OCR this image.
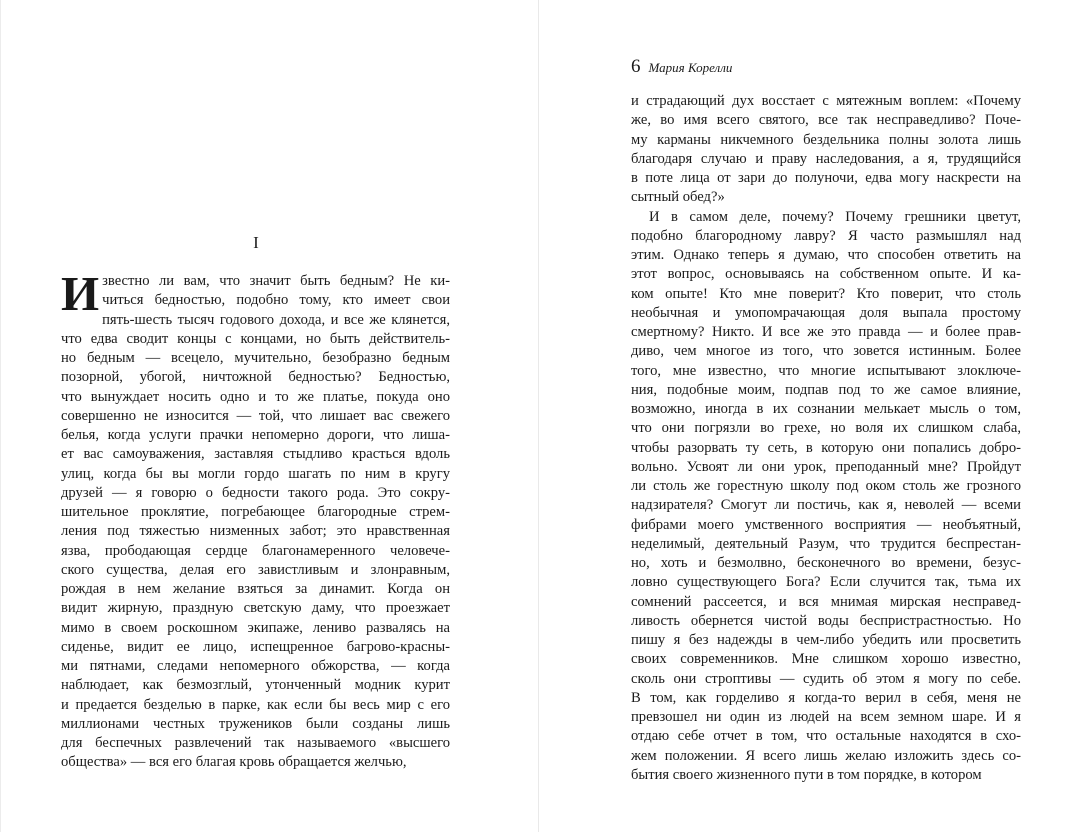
I
И звестно ли вам, что значит быть бедным? Не ки-
читься бедностью, подобно тому, кто имеет свои
пять-шесть тысяч годового дохода, и все же клянется,
что едва сводит концы с концами, но быть действитель-
но бедным — всецело, мучительно, безобразно бедным
позорной, убогой, ничтожной бедностью? Бедностью,
что вынуждает носить одно и то же платье, покуда оно
совершенно не износится — той, что лишает вас свежего
белья, когда услуги прачки непомерно дороги, что лиша-
ет вас самоуважения, заставляя стыдливо красться вдоль
улиц, когда бы вы могли гордо шагать по ним в кругу
друзей — я говорю о бедности такого рода. Это сокру-
шительное проклятие, погребающее благородные стрем-
ления под тяжестью низменных забот; это нравственная
язва, прободающая сердце благонамеренного человече-
ского существа, делая его завистливым и злонравным,
рождая в нем желание взяться за динамит. Когда он
видит жирную, праздную светскую даму, что проезжает
мимо в своем роскошном экипаже, лениво развалясь на
сиденье, видит ее лицо, испещренное багрово-красны-
ми пятнами, следами непомерного обжорства, — когда
наблюдает, как безмозглый, утонченный модник курит
и предается безделью в парке, как если бы весь мир с его
миллионами честных тружеников были созданы лишь
для беспечных развлечений так называемого «высшего
общества» — вся его благая кровь обращается желчью,
6 Мария Корелли
и страдающий дух восстает с мятежным воплем: «Почему
же, во имя всего святого, все так несправедливо? Поче-
му карманы никчемного бездельника полны золота лишь
благодаря случаю и праву наследования, а я, трудящийся
в поте лица от зари до полуночи, едва могу наскрести на
сытный обед?»
И в самом деле, почему? Почему грешники цветут,
подобно благородному лавру? Я часто размышлял над
этим. Однако теперь я думаю, что способен ответить на
этот вопрос, основываясь на собственном опыте. И ка-
ком опыте! Кто мне поверит? Кто поверит, что столь
необычная и умопомрачающая доля выпала простому
смертному? Никто. И все же это правда — и более прав-
диво, чем многое из того, что зовется истинным. Более
того, мне известно, что многие испытывают злоключе-
ния, подобные моим, подпав под то же самое влияние,
возможно, иногда в их сознании мелькает мысль о том,
что они погрязли во грехе, но воля их слишком слаба,
чтобы разорвать ту сеть, в которую они попались добро-
вольно. Усвоят ли они урок, преподанный мне? Пройдут
ли столь же горестную школу под оком столь же грозного
надзирателя? Смогут ли постичь, как я, неволей — всеми
фибрами моего умственного восприятия — необъятный,
неделимый, деятельный Разум, что трудится беспрестан-
но, хоть и безмолвно, бесконечного во времени, безус-
ловно существующего Бога? Если случится так, тьма их
сомнений рассеется, и вся мнимая мирская несправед-
ливость обернется чистой воды беспристрастностью. Но
пишу я без надежды в чем-либо убедить или просветить
своих современников. Мне слишком хорошо известно,
сколь они строптивы — судить об этом я могу по себе.
В том, как горделиво я когда-то верил в себя, меня не
превзошел ни один из людей на всем земном шаре. И я
отдаю себе отчет в том, что остальные находятся в схо-
жем положении. Я всего лишь желаю изложить здесь со-
бытия своего жизненного пути в том порядке, в котором
